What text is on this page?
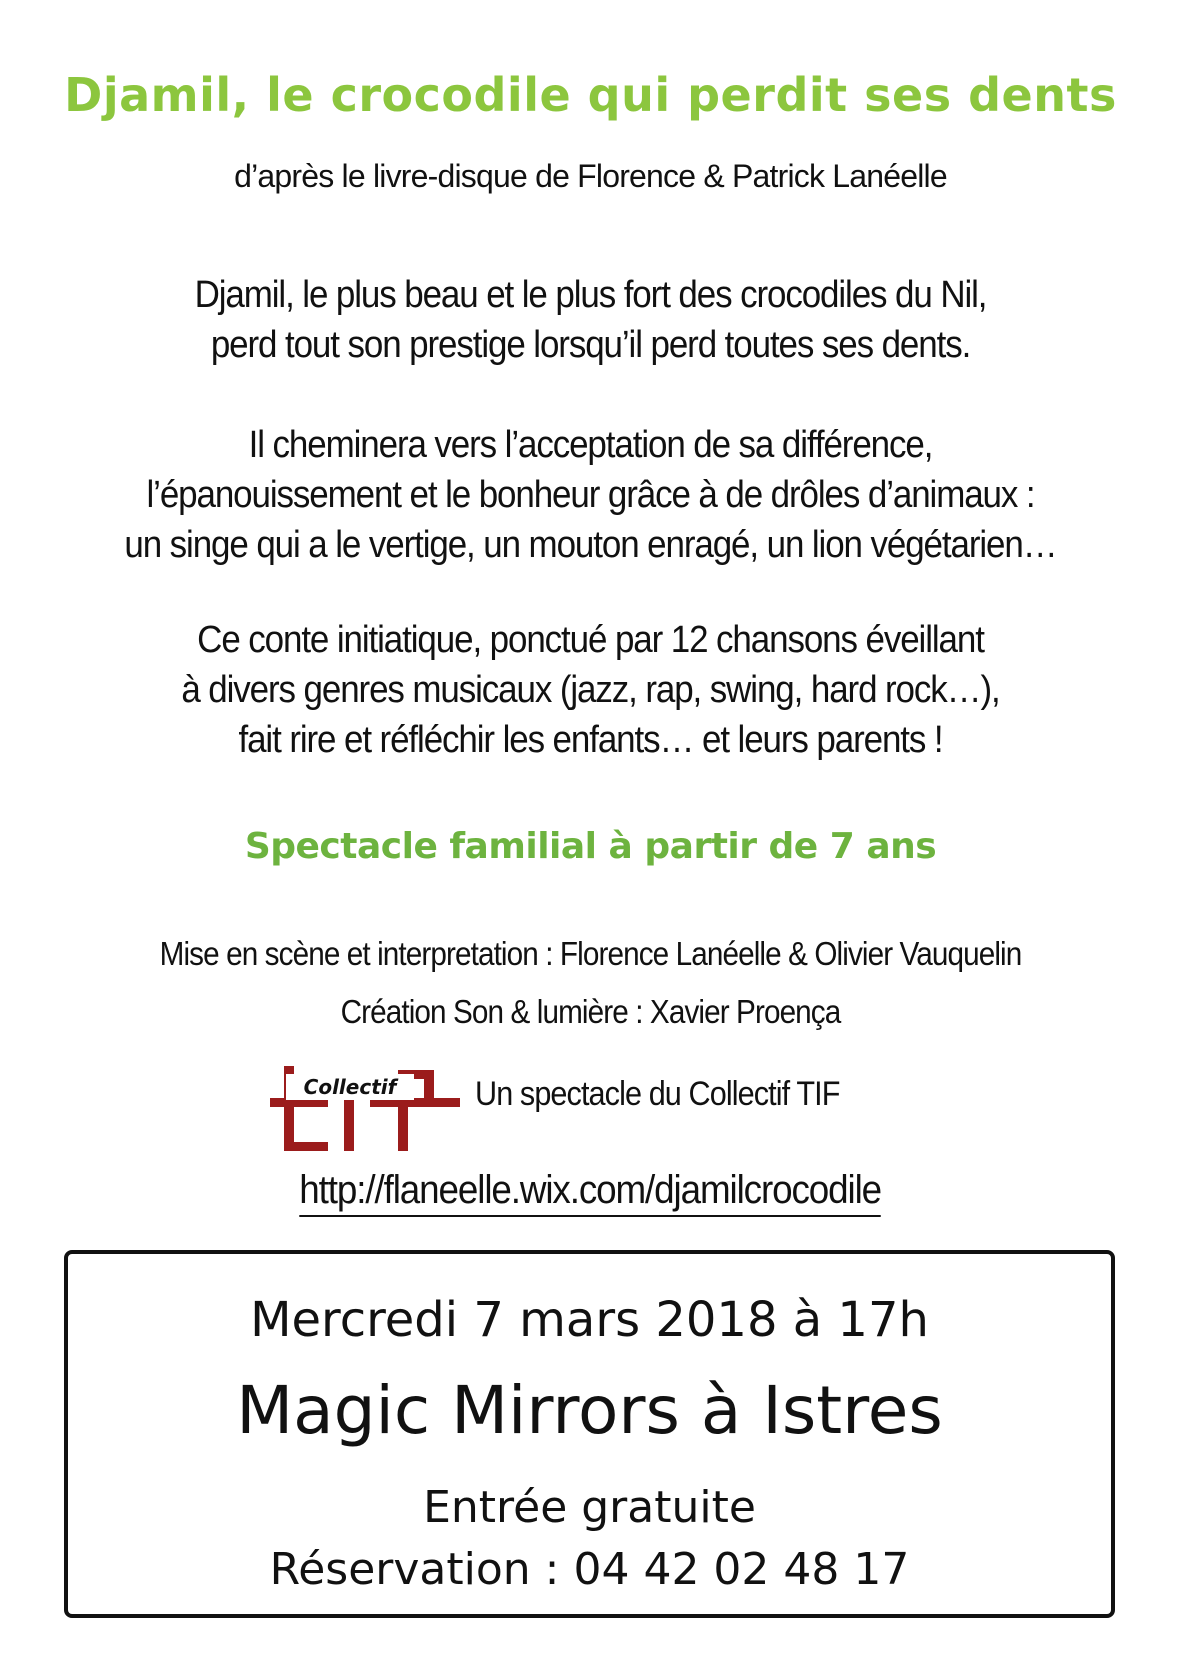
Djamil, le crocodile qui perdit ses dents
d’après le livre-disque de Florence & Patrick Lanéelle
Djamil, le plus beau et le plus fort des crocodiles du Nil,
perd tout son prestige lorsqu’il perd toutes ses dents.
Il cheminera vers l’acceptation de sa différence,
l’épanouissement et le bonheur grâce à de drôles d’animaux :
un singe qui a le vertige, un mouton enragé, un lion végétarien…
Ce conte initiatique, ponctué par 12 chansons éveillant
à divers genres musicaux (jazz, rap, swing, hard rock…),
fait rire et réfléchir les enfants… et leurs parents !
Spectacle familial à partir de 7 ans
Mise en scène et interpretation : Florence Lanéelle & Olivier Vauquelin
Création Son & lumière : Xavier Proença
Collectif
tif
Un spectacle du Collectif TIF
http://flaneelle.wix.com/djamilcrocodile
Mercredi 7 mars 2018 à 17h
Magic Mirrors à Istres
Entrée gratuite
Réservation : 04 42 02 48 17
